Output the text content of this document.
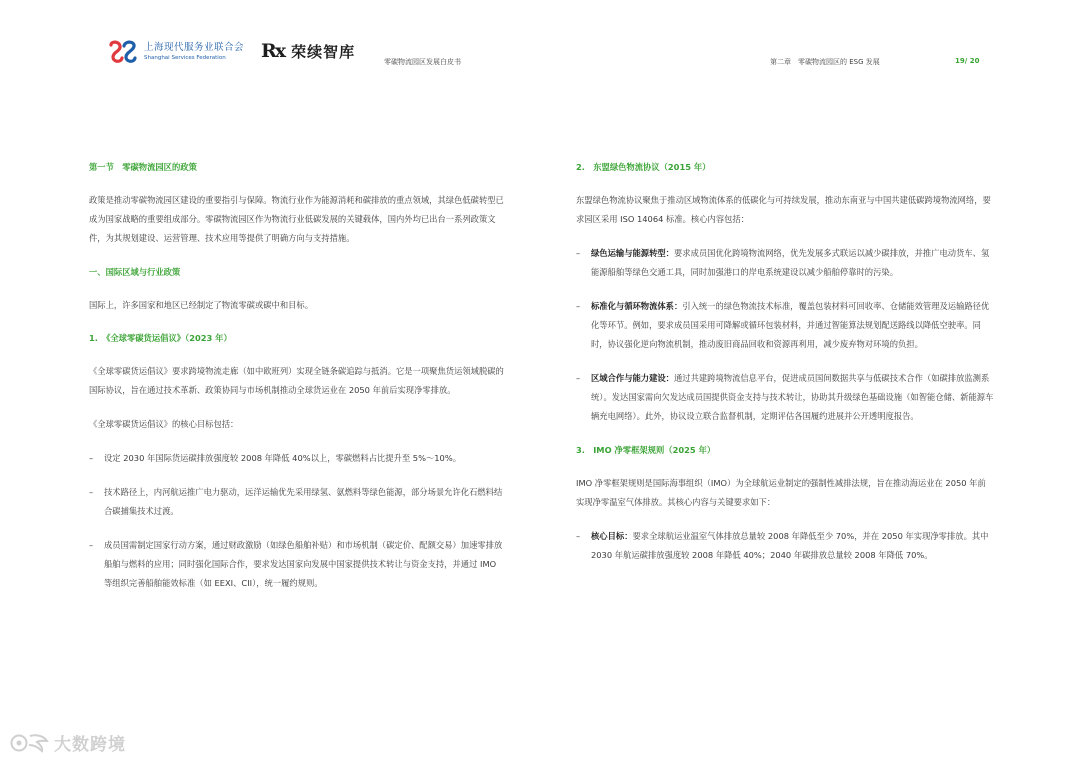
上海现代服务业联合会
Shanghai Services Federation	Rx 荣续智库
零碳物流园区发展白皮书	第二章　零碳物流园区的 ESG 发展	19/ 20

第一节　零碳物流园区的政策

政策是推动零碳物流园区建设的重要指引与保障。物流行业作为能源消耗和碳排放的重点领域，其绿色低碳转型已成为国家战略的重要组成部分。零碳物流园区作为物流行业低碳发展的关键载体，国内外均已出台一系列政策文件，为其规划建设、运营管理、技术应用等提供了明确方向与支持措施。

一、国际区域与行业政策

国际上，许多国家和地区已经制定了物流零碳或碳中和目标。

1.　《全球零碳货运倡议》（2023 年）

《全球零碳货运倡议》要求跨境物流走廊（如中欧班列）实现全链条碳追踪与抵消。它是一项聚焦货运领域脱碳的国际协议，旨在通过技术革新、政策协同与市场机制推动全球货运业在 2050 年前后实现净零排放。

《全球零碳货运倡议》的核心目标包括：

–	设定 2030 年国际货运碳排放强度较 2008 年降低 40%以上，零碳燃料占比提升至 5%～10%。
–	技术路径上，内河航运推广电力驱动，远洋运输优先采用绿氢、氨燃料等绿色能源，部分场景允许化石燃料结合碳捕集技术过渡。
–	成员国需制定国家行动方案，通过财政激励（如绿色船舶补贴）和市场机制（碳定价、配额交易）加速零排放船舶与燃料的应用；同时强化国际合作，要求发达国家向发展中国家提供技术转让与资金支持，并通过 IMO 等组织完善船舶能效标准（如 EEXI、CII），统一履约规则。

2.　东盟绿色物流协议（2015 年）

东盟绿色物流协议聚焦于推动区域物流体系的低碳化与可持续发展，推动东南亚与中国共建低碳跨境物流网络，要求园区采用 ISO 14064 标准。核心内容包括：

–	绿色运输与能源转型：要求成员国优化跨境物流网络，优先发展多式联运以减少碳排放，并推广电动货车、氢能源船舶等绿色交通工具，同时加强港口的岸电系统建设以减少船舶停靠时的污染。
–	标准化与循环物流体系：引入统一的绿色物流技术标准，覆盖包装材料可回收率、仓储能效管理及运输路径优化等环节。例如，要求成员国采用可降解或循环包装材料，并通过智能算法规划配送路线以降低空驶率。同时，协议强化逆向物流机制，推动废旧商品回收和资源再利用，减少废弃物对环境的负担。
–	区域合作与能力建设：通过共建跨境物流信息平台，促进成员国间数据共享与低碳技术合作（如碳排放监测系统）。发达国家需向欠发达成员国提供资金支持与技术转让，协助其升级绿色基础设施（如智能仓储、新能源车辆充电网络）。此外，协议设立联合监督机制，定期评估各国履约进展并公开透明度报告。

3.　IMO 净零框架规则（2025 年）

IMO 净零框架规则是国际海事组织（IMO）为全球航运业制定的强制性减排法规，旨在推动海运业在 2050 年前实现净零温室气体排放。其核心内容与关键要求如下：

–	核心目标：要求全球航运业温室气体排放总量较 2008 年降低至少 70%，并在 2050 年实现净零排放。其中 2030 年航运碳排放强度较 2008 年降低 40%；2040 年碳排放总量较 2008 年降低 70%。
大数跨境
